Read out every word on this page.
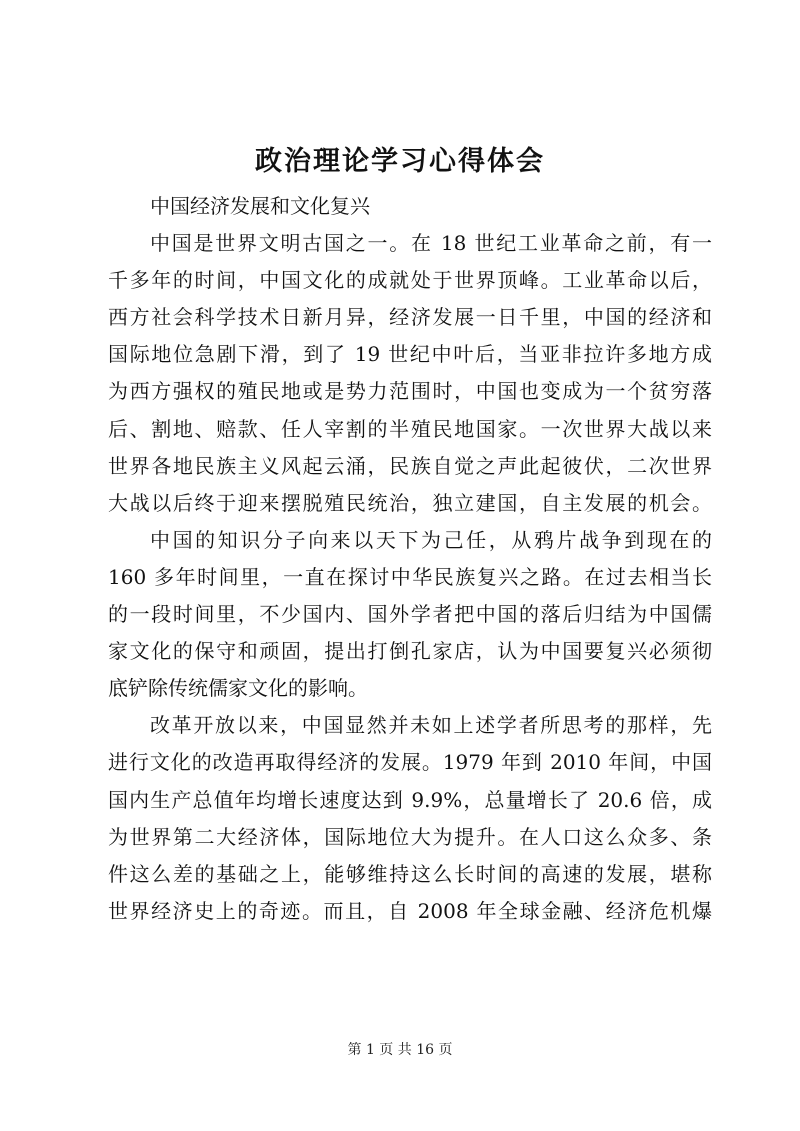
政治理论学习心得体会
中国经济发展和文化复兴
中国是世界文明古国之一。在 18 世纪工业革命之前，有一
千多年的时间，中国文化的成就处于世界顶峰。工业革命以后，
西方社会科学技术日新月异，经济发展一日千里，中国的经济和
国际地位急剧下滑，到了 19 世纪中叶后，当亚非拉许多地方成
为西方强权的殖民地或是势力范围时，中国也变成为一个贫穷落
后、割地、赔款、任人宰割的半殖民地国家。一次世界大战以来
世界各地民族主义风起云涌，民族自觉之声此起彼伏，二次世界
大战以后终于迎来摆脱殖民统治，独立建国，自主发展的机会。
中国的知识分子向来以天下为己任，从鸦片战争到现在的
160 多年时间里，一直在探讨中华民族复兴之路。在过去相当长
的一段时间里，不少国内、国外学者把中国的落后归结为中国儒
家文化的保守和顽固，提出打倒孔家店，认为中国要复兴必须彻
底铲除传统儒家文化的影响。
改革开放以来，中国显然并未如上述学者所思考的那样，先
进行文化的改造再取得经济的发展。1979 年到 2010 年间，中国
国内生产总值年均增长速度达到 9.9%，总量增长了 20.6 倍，成
为世界第二大经济体，国际地位大为提升。在人口这么众多、条
件这么差的基础之上，能够维持这么长时间的高速的发展，堪称
世界经济史上的奇迹。而且，自 2008 年全球金融、经济危机爆
第 1 页 共 16 页
